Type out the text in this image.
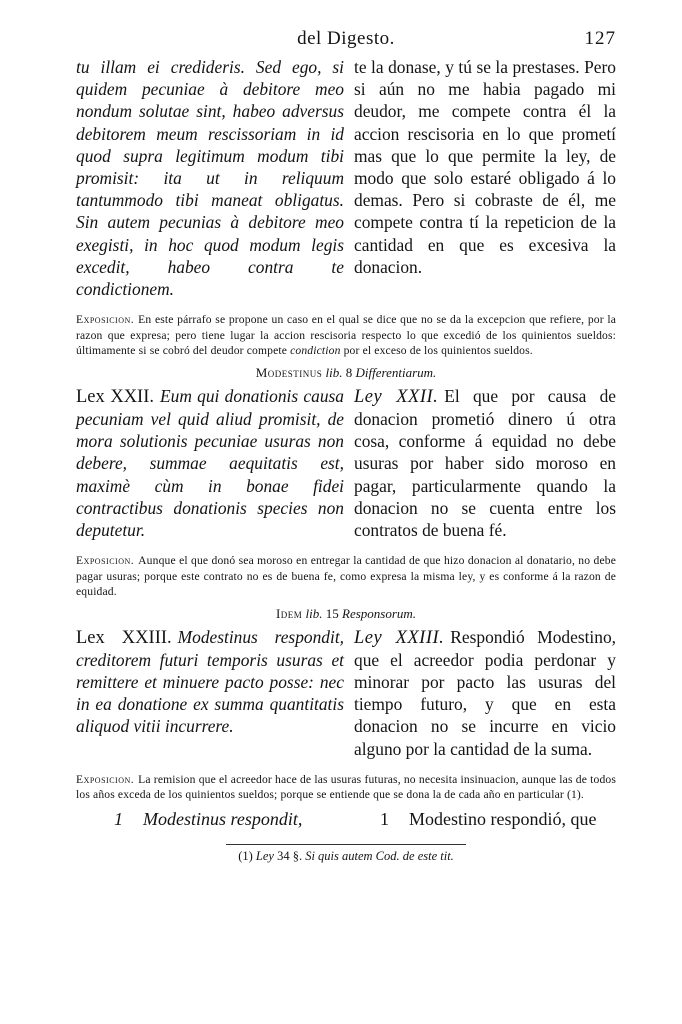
del Digesto.	127
tu illam ei credideris. Sed ego, si quidem pecuniae à debitore meo nondum solutae sint, habeo adversus debitorem meum rescissoriam in id quod supra legitimum modum tibi promisit: ita ut in reliquum tantummodo tibi maneat obligatus. Sin autem pecunias à debitore meo exegisti, in hoc quod modum legis excedit, habeo contra te condictionem.
te la donase, y tú se la prestases. Pero si aún no me habia pagado mi deudor, me compete contra él la accion rescisoria en lo que prometí mas que lo que permite la ley, de modo que solo estaré obligado á lo demas. Pero si cobraste de él, me compete contra tí la repeticion de la cantidad en que es excesiva la donacion.
Exposicion. En este párrafo se propone un caso en el qual se dice que no se da la excepcion que refiere, por la razon que expresa; pero tiene lugar la accion rescisoria respecto lo que excedió de los quinientos sueldos: últimamente si se cobró del deudor compete condiction por el exceso de los quinientos sueldos.
Modestinus lib. 8 Differentiarum.
Lex XXII. Eum qui donationis causa pecuniam vel quid aliud promisit, de mora solutionis pecuniae usuras non debere, summae aequitatis est, maximè cùm in bonae fidei contractibus donationis species non deputetur.
Ley XXII. El que por causa de donacion prometió dinero ú otra cosa, conforme á equidad no debe usuras por haber sido moroso en pagar, particularmente quando la donacion no se cuenta entre los contratos de buena fé.
Exposicion. Aunque el que donó sea moroso en entregar la cantidad de que hizo donacion al donatario, no debe pagar usuras; porque este contrato no es de buena fe, como expresa la misma ley, y es conforme á la razon de equidad.
Idem lib. 15 Responsorum.
Lex XXIII. Modestinus respondit, creditorem futuri temporis usuras et remittere et minuere pacto posse: nec in ea donatione ex summa quantitatis aliquod vitii incurrere.
Ley XXIII. Respondió Modestino, que el acreedor podia perdonar y minorar por pacto las usuras del tiempo futuro, y que en esta donacion no se incurre en vicio alguno por la cantidad de la suma.
Exposicion. La remision que el acreedor hace de las usuras futuras, no necesita insinuacion, aunque las de todos los años exceda de los quinientos sueldos; porque se entiende que se dona la de cada año en particular (1).
1 Modestinus respondit,	1 Modestino respondió, que
(1) Ley 34 §. Si quis autem Cod. de este tit.
